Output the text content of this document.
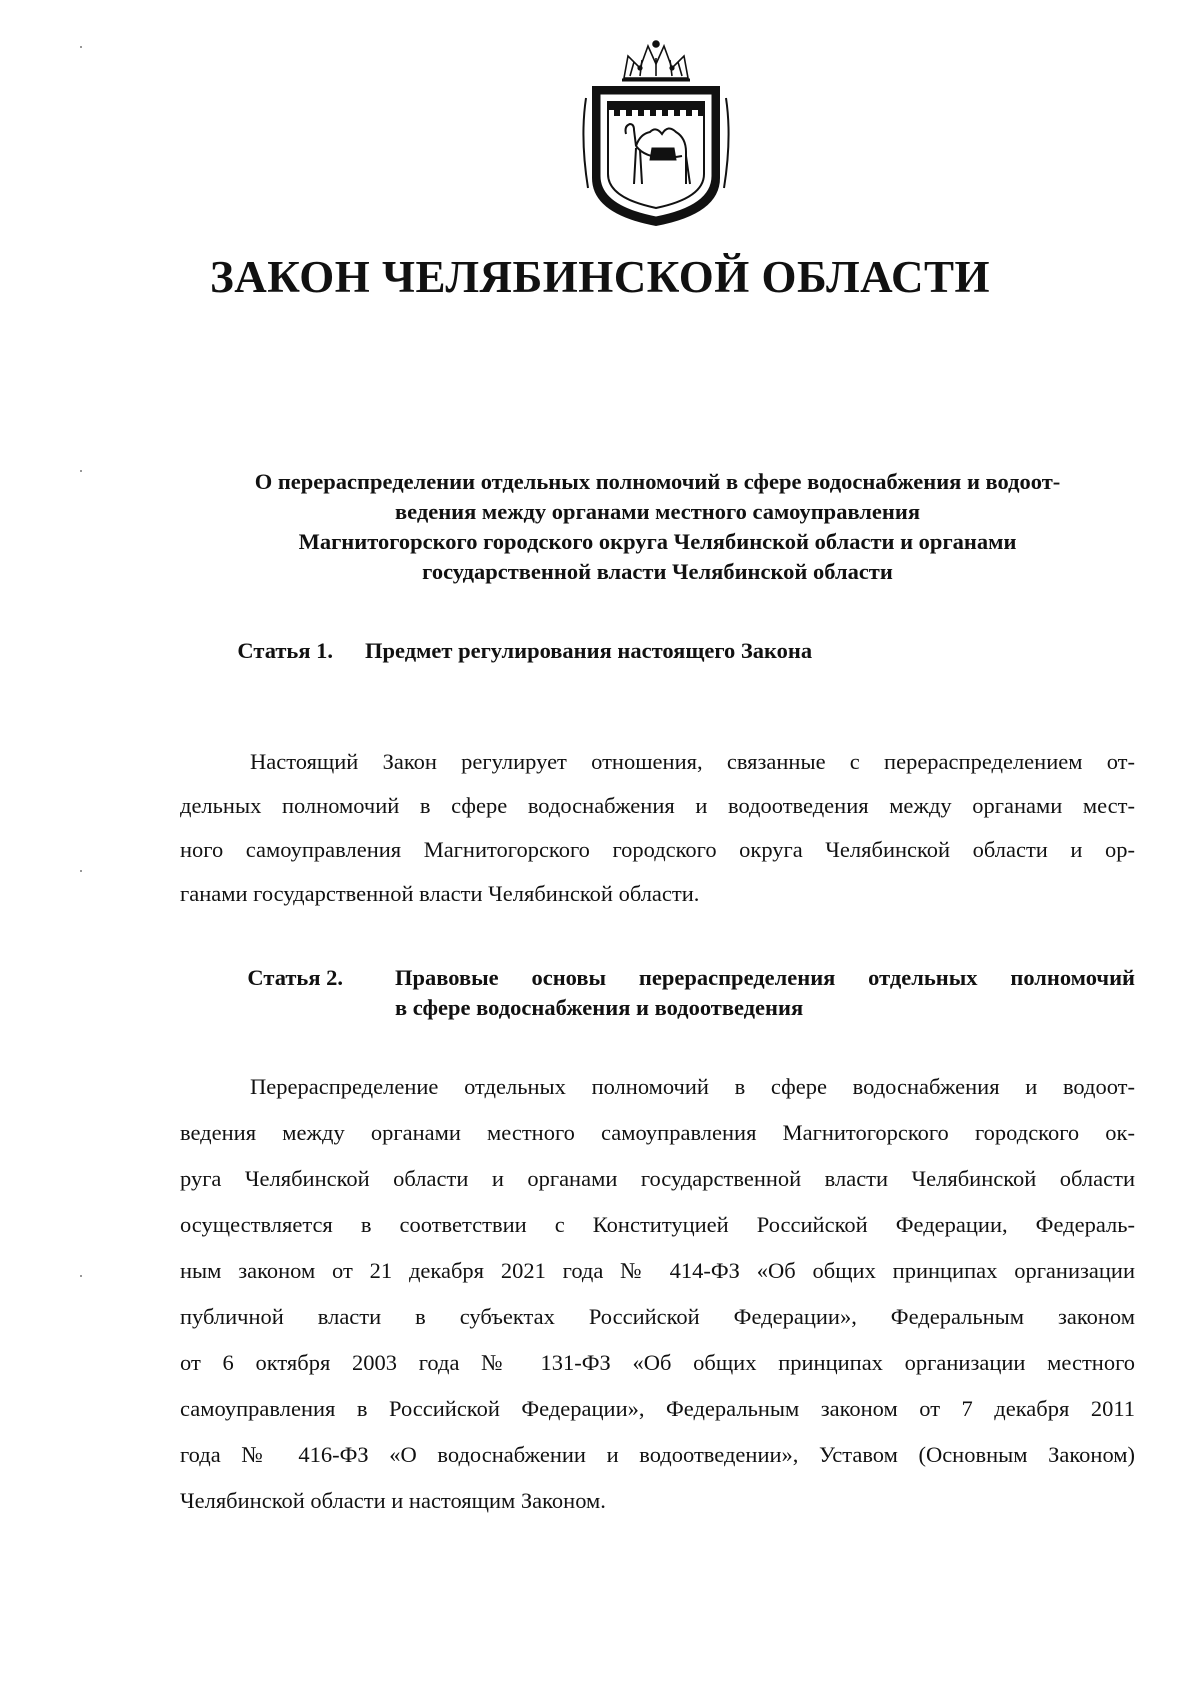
ЗАКОН ЧЕЛЯБИНСКОЙ ОБЛАСТИ
О перераспределении отдельных полномочий в сфере водоснабжения и водоот-
ведения между органами местного самоуправления
Магнитогорского городского округа Челябинской области и органами
государственной власти Челябинской области
Статья 1. Предмет регулирования настоящего Закона
Настоящий Закон регулирует отношения, связанные с перераспределением от-
дельных полномочий в сфере водоснабжения и водоотведения между органами мест-
ного самоуправления Магнитогорского городского округа Челябинской области и ор-
ганами государственной власти Челябинской области.
Статья 2. Правовые основы перераспределения отдельных полномочий
в сфере водоснабжения и водоотведения
Перераспределение отдельных полномочий в сфере водоснабжения и водоот-
ведения между органами местного самоуправления Магнитогорского городского ок-
руга Челябинской области и органами государственной власти Челябинской области
осуществляется в соответствии с Конституцией Российской Федерации, Федераль-
ным законом от 21 декабря 2021 года № 414-ФЗ «Об общих принципах организации
публичной власти в субъектах Российской Федерации», Федеральным законом
от 6 октября 2003 года № 131-ФЗ «Об общих принципах организации местного
самоуправления в Российской Федерации», Федеральным законом от 7 декабря 2011
года № 416-ФЗ «О водоснабжении и водоотведении», Уставом (Основным Законом)
Челябинской области и настоящим Законом.
